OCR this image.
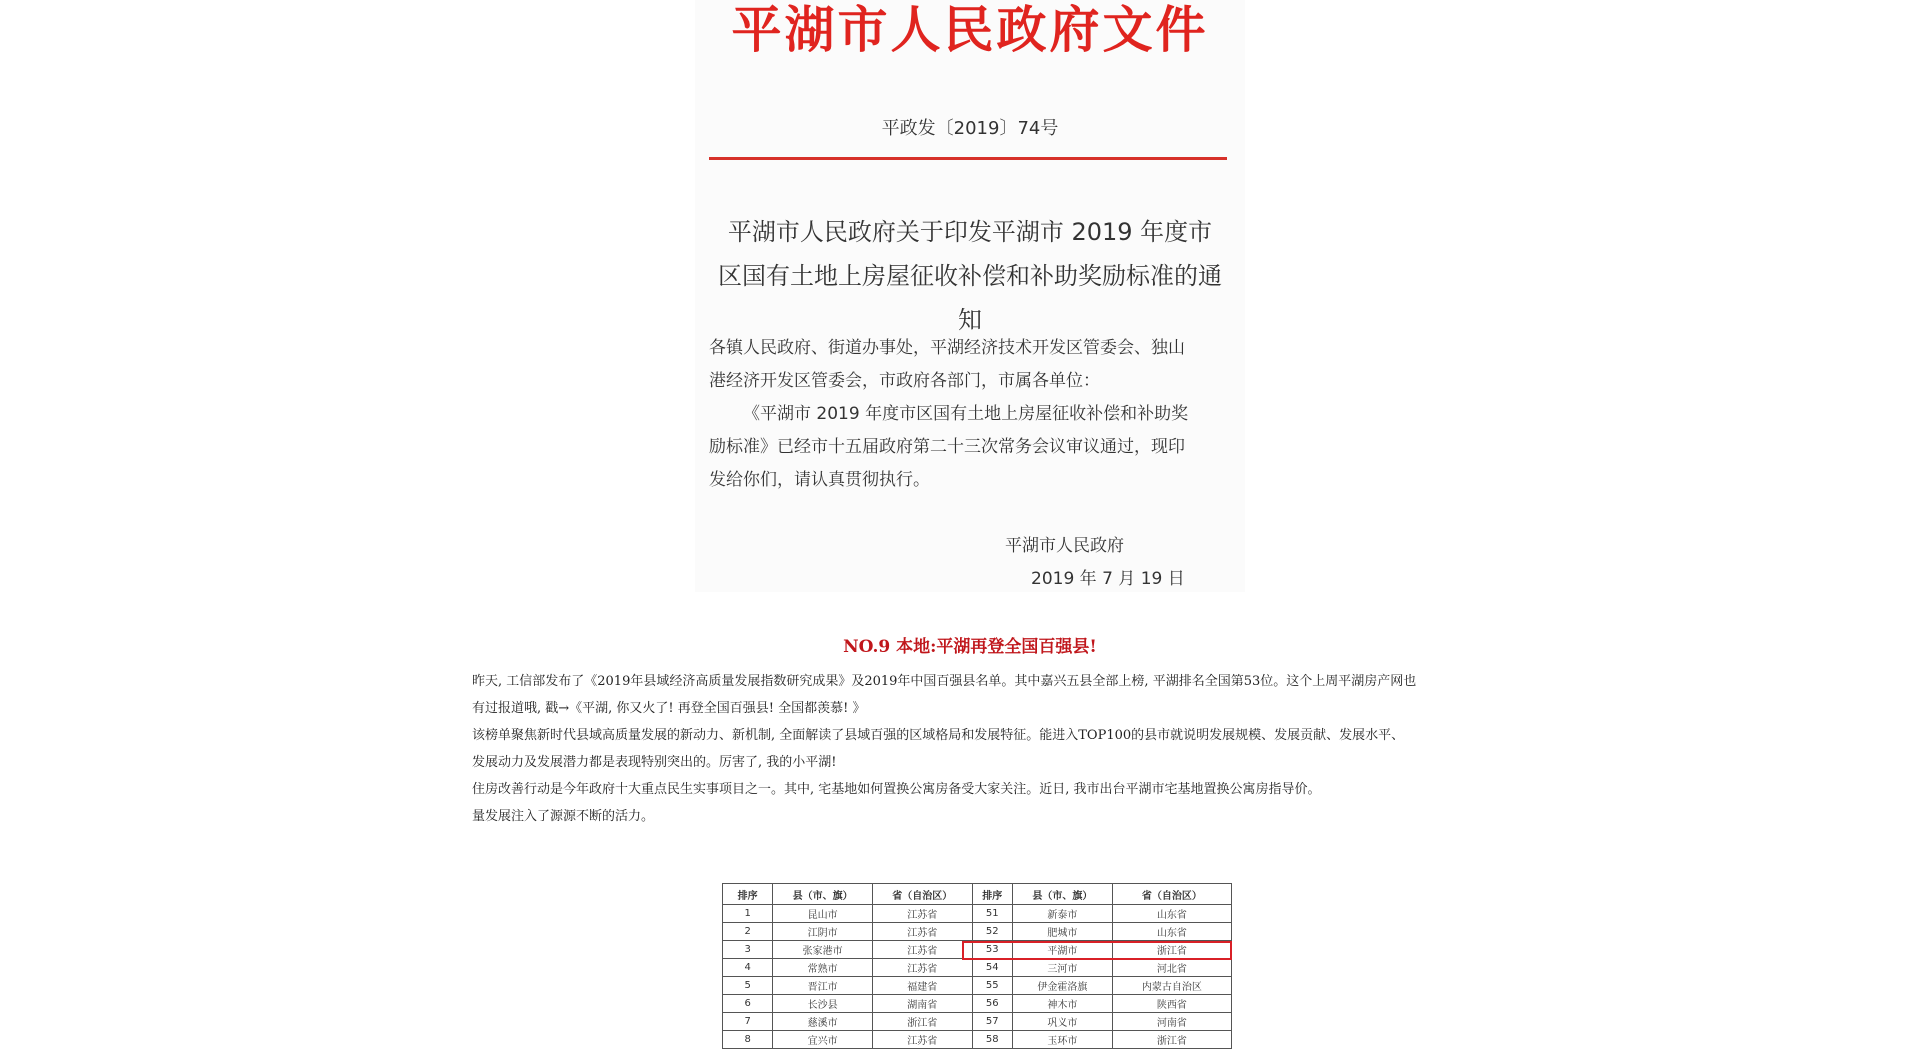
平湖市人民政府文件
平政发〔2019〕74号
平湖市人民政府关于印发平湖市 2019 年度市
区国有土地上房屋征收补偿和补助奖励标准的通知

各镇人民政府、街道办事处，平湖经济技术开发区管委会、独山

港经济开发区管委会，市政府各部门，市属各单位：

《平湖市 2019 年度市区国有土地上房屋征收补偿和补助奖

励标准》已经市十五届政府第二十三次常务会议审议通过，现印

发给你们，请认真贯彻执行。

平湖市人民政府
2019 年 7 月 19 日
NO.9 本地:平湖再登全国百强县!

昨天, 工信部发布了《2019年县域经济高质量发展指数研究成果》及2019年中国百强县名单。其中嘉兴五县全部上榜, 平湖排名全国第53位。这个上周平湖房产网也

有过报道哦, 戳→《平湖, 你又火了! 再登全国百强县! 全国都羡慕! 》

该榜单聚焦新时代县域高质量发展的新动力、新机制, 全面解读了县域百强的区域格局和发展特征。能进入TOP100的县市就说明发展规模、发展贡献、发展水平、

发展动力及发展潜力都是表现特别突出的。厉害了, 我的小平湖!

住房改善行动是今年政府十大重点民生实事项目之一。其中, 宅基地如何置换公寓房备受大家关注。近日, 我市出台平湖市宅基地置换公寓房指导价。

量发展注入了源源不断的活力。

排序	县（市、旗）	省（自治区）	排序	县（市、旗）	省（自治区）
1	昆山市	江苏省	51	新泰市	山东省
2	江阴市	江苏省	52	肥城市	山东省
3	张家港市	江苏省	53	平湖市	浙江省
4	常熟市	江苏省	54	三河市	河北省
5	晋江市	福建省	55	伊金霍洛旗	内蒙古自治区
6	长沙县	湖南省	56	神木市	陕西省
7	慈溪市	浙江省	57	巩义市	河南省
8	宜兴市	江苏省	58	玉环市	浙江省
